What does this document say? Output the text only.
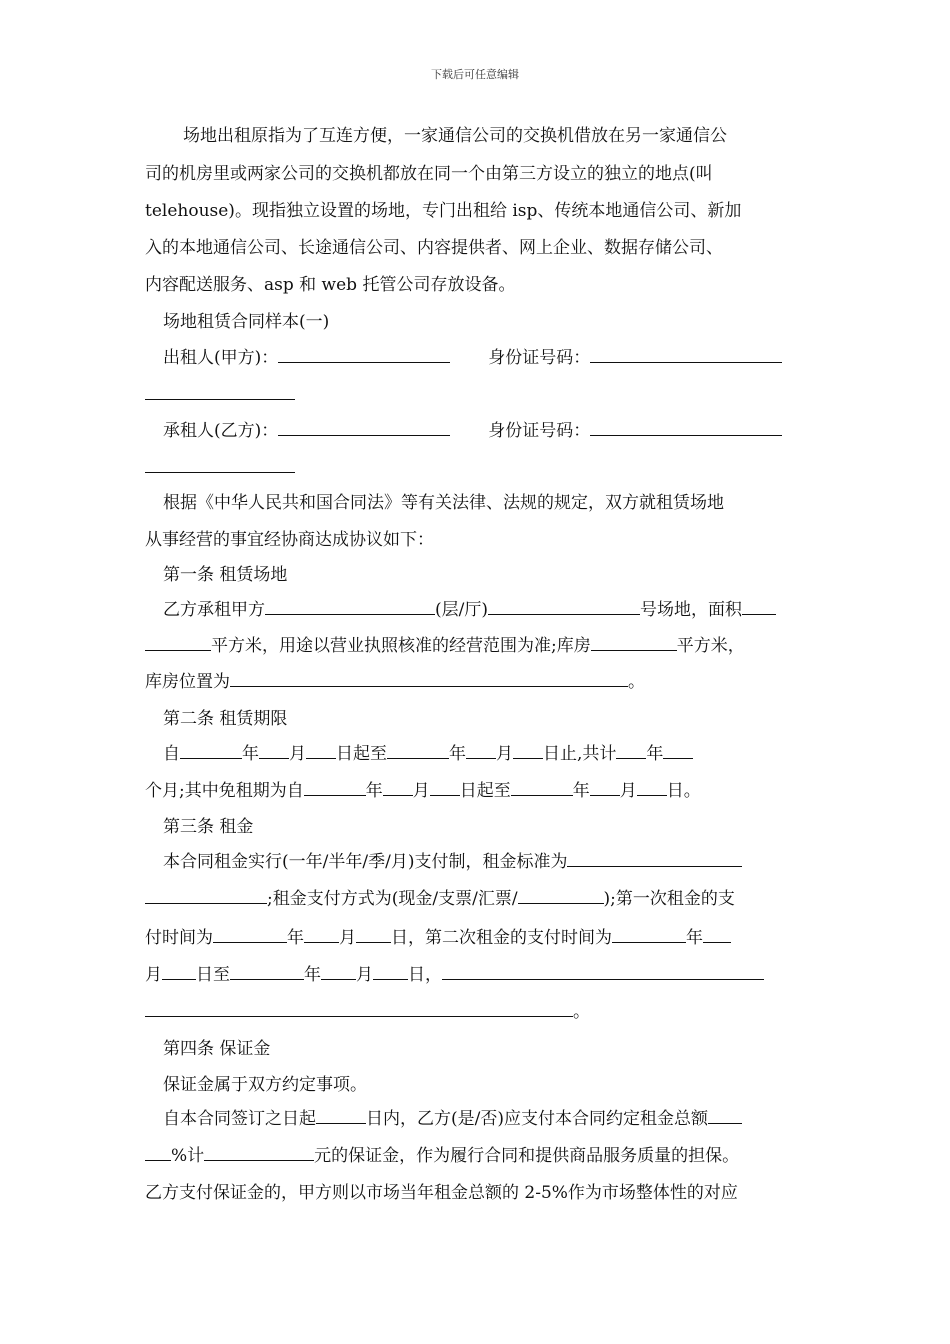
下载后可任意编辑
场地出租原指为了互连方便，一家通信公司的交换机借放在另一家通信公
司的机房里或两家公司的交换机都放在同一个由第三方设立的独立的地点(叫
telehouse)。现指独立设置的场地，专门出租给 isp、传统本地通信公司、新加
入的本地通信公司、长途通信公司、内容提供者、网上企业、数据存储公司、
内容配送服务、asp 和 web 托管公司存放设备。
场地租赁合同样本(一)
出租人(甲方)：	身份证号码：
承租人(乙方)：	身份证号码：
根据《中华人民共和国合同法》等有关法律、法规的规定，双方就租赁场地
从事经营的事宜经协商达成协议如下：
第一条 租赁场地
乙方承租甲方	(层/厅)	号场地，面积
平方米，用途以营业执照核准的经营范围为准;库房	平方米，
库房位置为	。
第二条 租赁期限
自	年 月 日起至	年 月 日止,共计 年
个月;其中免租期为自	年 月 日起至	年 月 日。
第三条 租金
本合同租金实行(一年/半年/季/月)支付制，租金标准为
;租金支付方式为(现金/支票/汇票/	);第一次租金的支
付时间为	年 月 日，第二次租金的支付时间为	年
月 日至	年 月 日，
。
第四条 保证金
保证金属于双方约定事项。
自本合同签订之日起	日内，乙方(是/否)应支付本合同约定租金总额
%计	元的保证金，作为履行合同和提供商品服务质量的担保。
乙方支付保证金的，甲方则以市场当年租金总额的 2-5%作为市场整体性的对应
